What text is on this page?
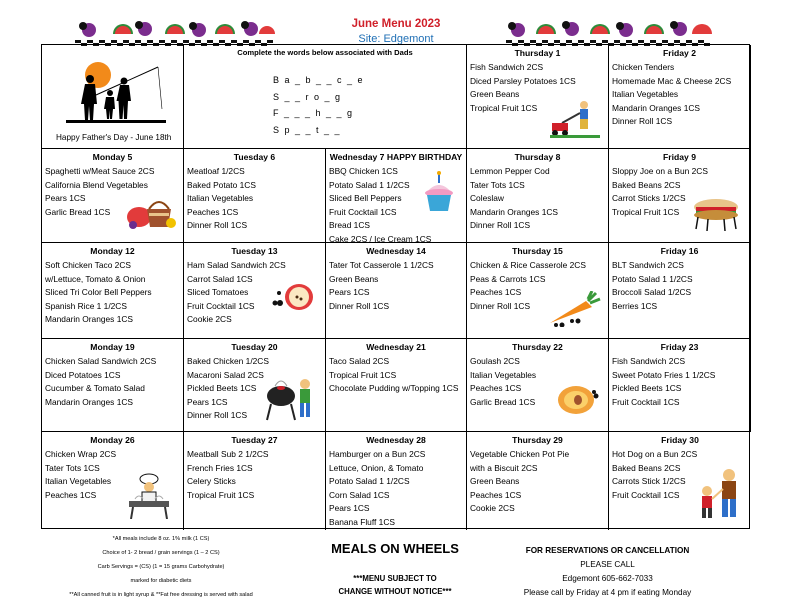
June Menu 2023
Site: Edgemont
Happy Father's Day - June 18th
Complete the words below associated with Dads
B a _ b _ _ c _ e
S _ _ r o _ g
F _ _ _ h _ _ g
S p _ _ t _ _
Thursday 1
Fish Sandwich 2CS
Diced Parsley Potatoes 1CS
Green Beans
Tropical Fruit 1CS
Friday 2
Chicken Tenders
Homemade Mac & Cheese 2CS
Italian Vegetables
Mandarin Oranges 1CS
Dinner Roll 1CS
Monday 5
Spaghetti w/Meat Sauce 2CS
California Blend Vegetables
Pears 1CS
Garlic Bread 1CS
Tuesday 6
Meatloaf 1/2CS
Baked Potato 1CS
Italian Vegetables
Peaches 1CS
Dinner Roll 1CS
Wednesday 7 HAPPY BIRTHDAY
BBQ Chicken 1CS
Potato Salad 1 1/2CS
Sliced Bell Peppers
Fruit Cocktail 1CS
Bread 1CS
Cake 2CS / Ice Cream 1CS
Thursday 8
Lemmon Pepper Cod
Tater Tots 1CS
Coleslaw
Mandarin Oranges 1CS
Dinner Roll 1CS
Friday 9
Sloppy Joe on a Bun 2CS
Baked Beans 2CS
Carrot Sticks 1/2CS
Tropical Fruit 1CS
Monday 12
Soft Chicken Taco 2CS
w/Lettuce, Tomato & Onion
Sliced Tri Color Bell Peppers
Spanish Rice 1 1/2CS
Mandarin Oranges 1CS
Tuesday 13
Ham Salad Sandwich 2CS
Carrot Salad 1CS
Sliced Tomatoes
Fruit Cocktail 1CS
Cookie 2CS
Wednesday 14
Tater Tot Casserole 1 1/2CS
Green Beans
Pears 1CS
Dinner Roll 1CS
Thursday 15
Chicken & Rice Casserole 2CS
Peas & Carrots 1CS
Peaches 1CS
Dinner Roll 1CS
Friday 16
BLT Sandwich 2CS
Potato Salad 1 1/2CS
Broccoli Salad 1/2CS
Berries 1CS
Monday 19
Chicken Salad Sandwich 2CS
Diced Potatoes 1CS
Cucumber & Tomato Salad
Mandarin Oranges 1CS
Tuesday 20
Baked Chicken 1/2CS
Macaroni Salad 2CS
Pickled Beets 1CS
Pears 1CS
Dinner Roll 1CS
Wednesday 21
Taco Salad 2CS
Tropical Fruit 1CS
Chocolate Pudding w/Topping 1CS
Thursday 22
Goulash 2CS
Italian Vegetables
Peaches 1CS
Garlic Bread 1CS
Friday 23
Fish Sandwich 2CS
Sweet Potato Fries 1 1/2CS
Pickled Beets 1CS
Fruit Cocktail 1CS
Monday 26
Chicken Wrap 2CS
Tater Tots 1CS
Italian Vegetables
Peaches 1CS
Tuesday 27
Meatball Sub 2 1/2CS
French Fries 1CS
Celery Sticks
Tropical Fruit 1CS
Wednesday 28
Hamburger on a Bun 2CS
Lettuce, Onion, & Tomato
Potato Salad 1 1/2CS
Corn Salad 1CS
Pears 1CS
Banana Fluff 1CS
Thursday 29
Vegetable Chicken Pot Pie
with a Biscuit 2CS
Green Beans
Peaches 1CS
Cookie 2CS
Friday 30
Hot Dog on a Bun 2CS
Baked Beans 2CS
Carrots Stick 1/2CS
Fruit Cocktail 1CS
*All meals include 8 oz. 1% milk (1 CS)
Choice of 1- 2 bread / grain servings (1 – 2 CS)
Carb Servings = (CS) (1 = 15 grams Carbohydrate)
marked for diabetic diets
**All canned fruit is in light syrup & **Fat free dressing is served with salad
MEALS ON WHEELS
***MENU SUBJECT TO
CHANGE WITHOUT NOTICE***
FOR RESERVATIONS OR CANCELLATION
PLEASE CALL
Edgemont 605-662-7033
Please call by Friday at 4 pm if eating Monday
